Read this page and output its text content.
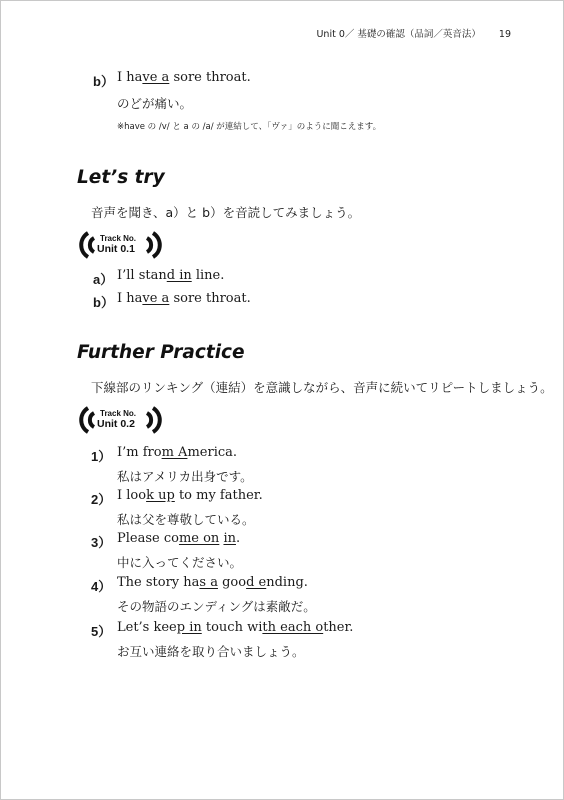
Unit 0／ 基礎の確認（品詞／英音法） 19
b） I have a sore throat.
のどが痛い。
※have の /v/ と a の /a/ が連結して、「ヴァ」のように聞こえます。
Let’s try
音声を聞き、a）と b）を音読してみましょう。
Track No.
Unit 0.1
a） I’ll stand in line.
b） I have a sore throat.
Further Practice
下線部のリンキング（連結）を意識しながら、音声に続いてリピートしましょう。
Track No.
Unit 0.2
1） I’m from America.
私はアメリカ出身です。
2） I look up to my father.
私は父を尊敬している。
3） Please come on in.
中に入ってください。
4） The story has a good ending.
その物語のエンディングは素敵だ。
5） Let’s keep in touch with each other.
お互い連絡を取り合いましょう。
